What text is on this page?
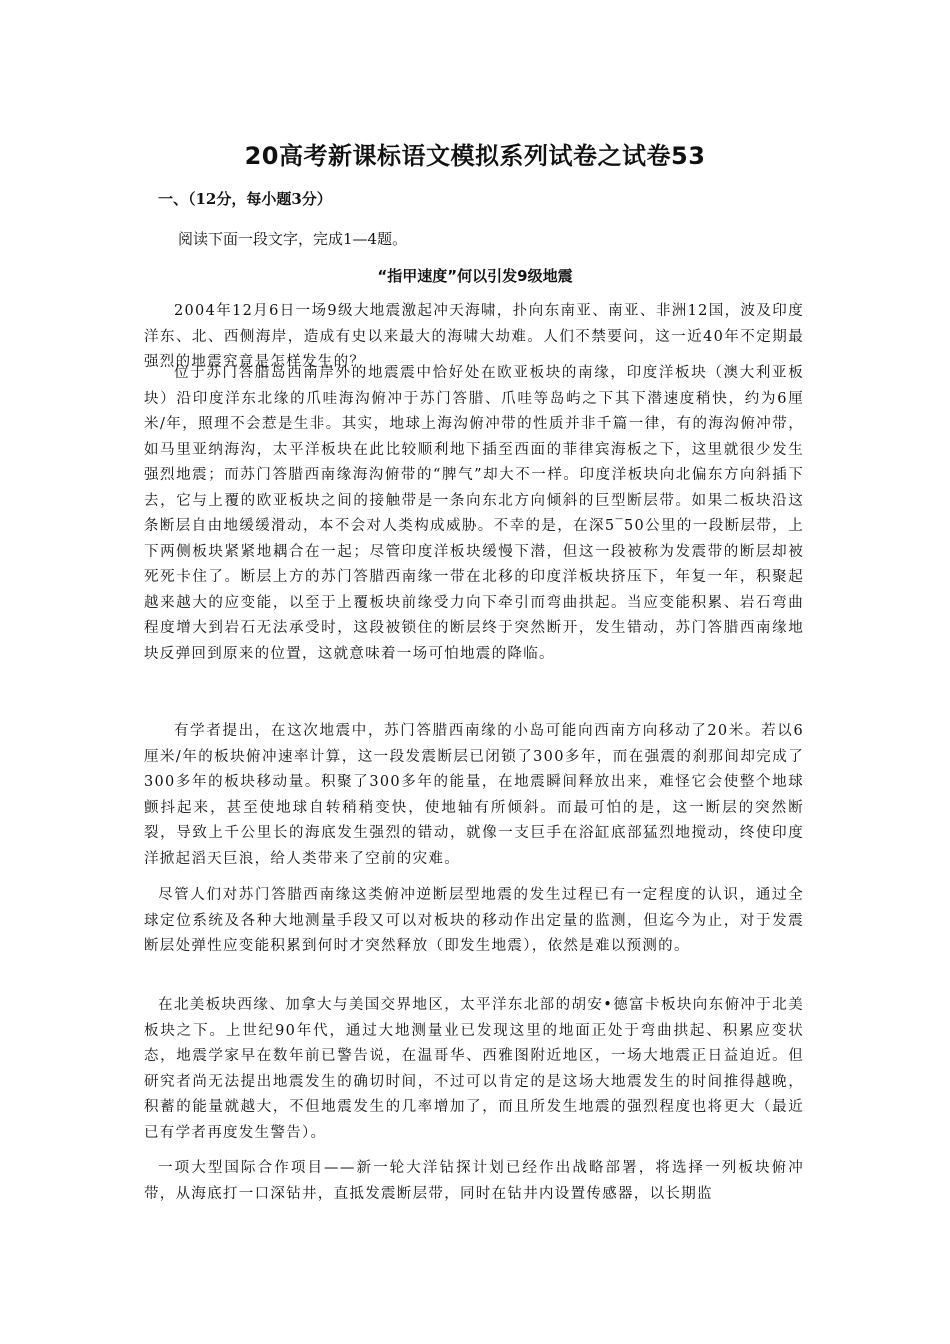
20高考新课标语文模拟系列试卷之试卷53
一、（12分，每小题3分）
阅读下面一段文字，完成1—4题。
“指甲速度”何以引发9级地震

2004年12月6日一场9级大地震激起冲天海啸，扑向东南亚、南亚、非洲12国，波及印度洋东、北、西侧海岸，造成有史以来最大的海啸大劫难。人们不禁要问，这一近40年不定期最强烈的地震究竟是怎样发生的？

位于苏门答腊岛西南岸外的地震震中恰好处在欧亚板块的南缘，印度洋板块（澳大利亚板块）沿印度洋东北缘的爪哇海沟俯冲于苏门答腊、爪哇等岛屿之下其下潜速度稍快，约为6厘米/年，照理不会惹是生非。其实，地球上海沟俯冲带的性质并非千篇一律，有的海沟俯冲带，如马里亚纳海沟，太平洋板块在此比较顺利地下插至西面的菲律宾海板之下，这里就很少发生强烈地震；而苏门答腊西南缘海沟俯带的“脾气”却大不一样。印度洋板块向北偏东方向斜插下去，它与上覆的欧亚板块之间的接触带是一条向东北方向倾斜的巨型断层带。如果二板块沿这条断层自由地缓缓滑动，本不会对人类构成威胁。不幸的是，在深5‾50公里的一段断层带，上下两侧板块紧紧地耦合在一起；尽管印度洋板块缓慢下潜，但这一段被称为发震带的断层却被死死卡住了。断层上方的苏门答腊西南缘一带在北移的印度洋板块挤压下，年复一年，积聚起越来越大的应变能，以至于上覆板块前缘受力向下牵引而弯曲拱起。当应变能积累、岩石弯曲程度增大到岩石无法承受时，这段被锁住的断层终于突然断开，发生错动，苏门答腊西南缘地块反弹回到原来的位置，这就意味着一场可怕地震的降临。

有学者提出，在这次地震中，苏门答腊西南缘的小岛可能向西南方向移动了20米。若以6厘米/年的板块俯冲速率计算，这一段发震断层已闭锁了300多年，而在强震的刹那间却完成了300多年的板块移动量。积聚了300多年的能量，在地震瞬间释放出来，难怪它会使整个地球颤抖起来，甚至使地球自转稍稍变快，使地轴有所倾斜。而最可怕的是，这一断层的突然断裂，导致上千公里长的海底发生强烈的错动，就像一支巨手在浴缸底部猛烈地搅动，终使印度洋掀起滔天巨浪，给人类带来了空前的灾难。

尽管人们对苏门答腊西南缘这类俯冲逆断层型地震的发生过程已有一定程度的认识，通过全球定位系统及各种大地测量手段又可以对板块的移动作出定量的监测，但迄今为止，对于发震断层处弹性应变能积累到何时才突然释放（即发生地震），依然是难以预测的。

在北美板块西缘、加拿大与美国交界地区，太平洋东北部的胡安•德富卡板块向东俯冲于北美板块之下。上世纪90年代，通过大地测量业已发现这里的地面正处于弯曲拱起、积累应变状态，地震学家早在数年前已警告说，在温哥华、西雅图附近地区，一场大地震正日益迫近。但研究者尚无法提出地震发生的确切时间，不过可以肯定的是这场大地震发生的时间推得越晚，积蓄的能量就越大，不但地震发生的几率增加了，而且所发生地震的强烈程度也将更大（最近已有学者再度发生警告）。

一项大型国际合作项目——新一轮大洋钻探计划已经作出战略部署，将选择一列板块俯冲带，从海底打一口深钻井，直抵发震断层带，同时在钻井内设置传感器，以长期监
